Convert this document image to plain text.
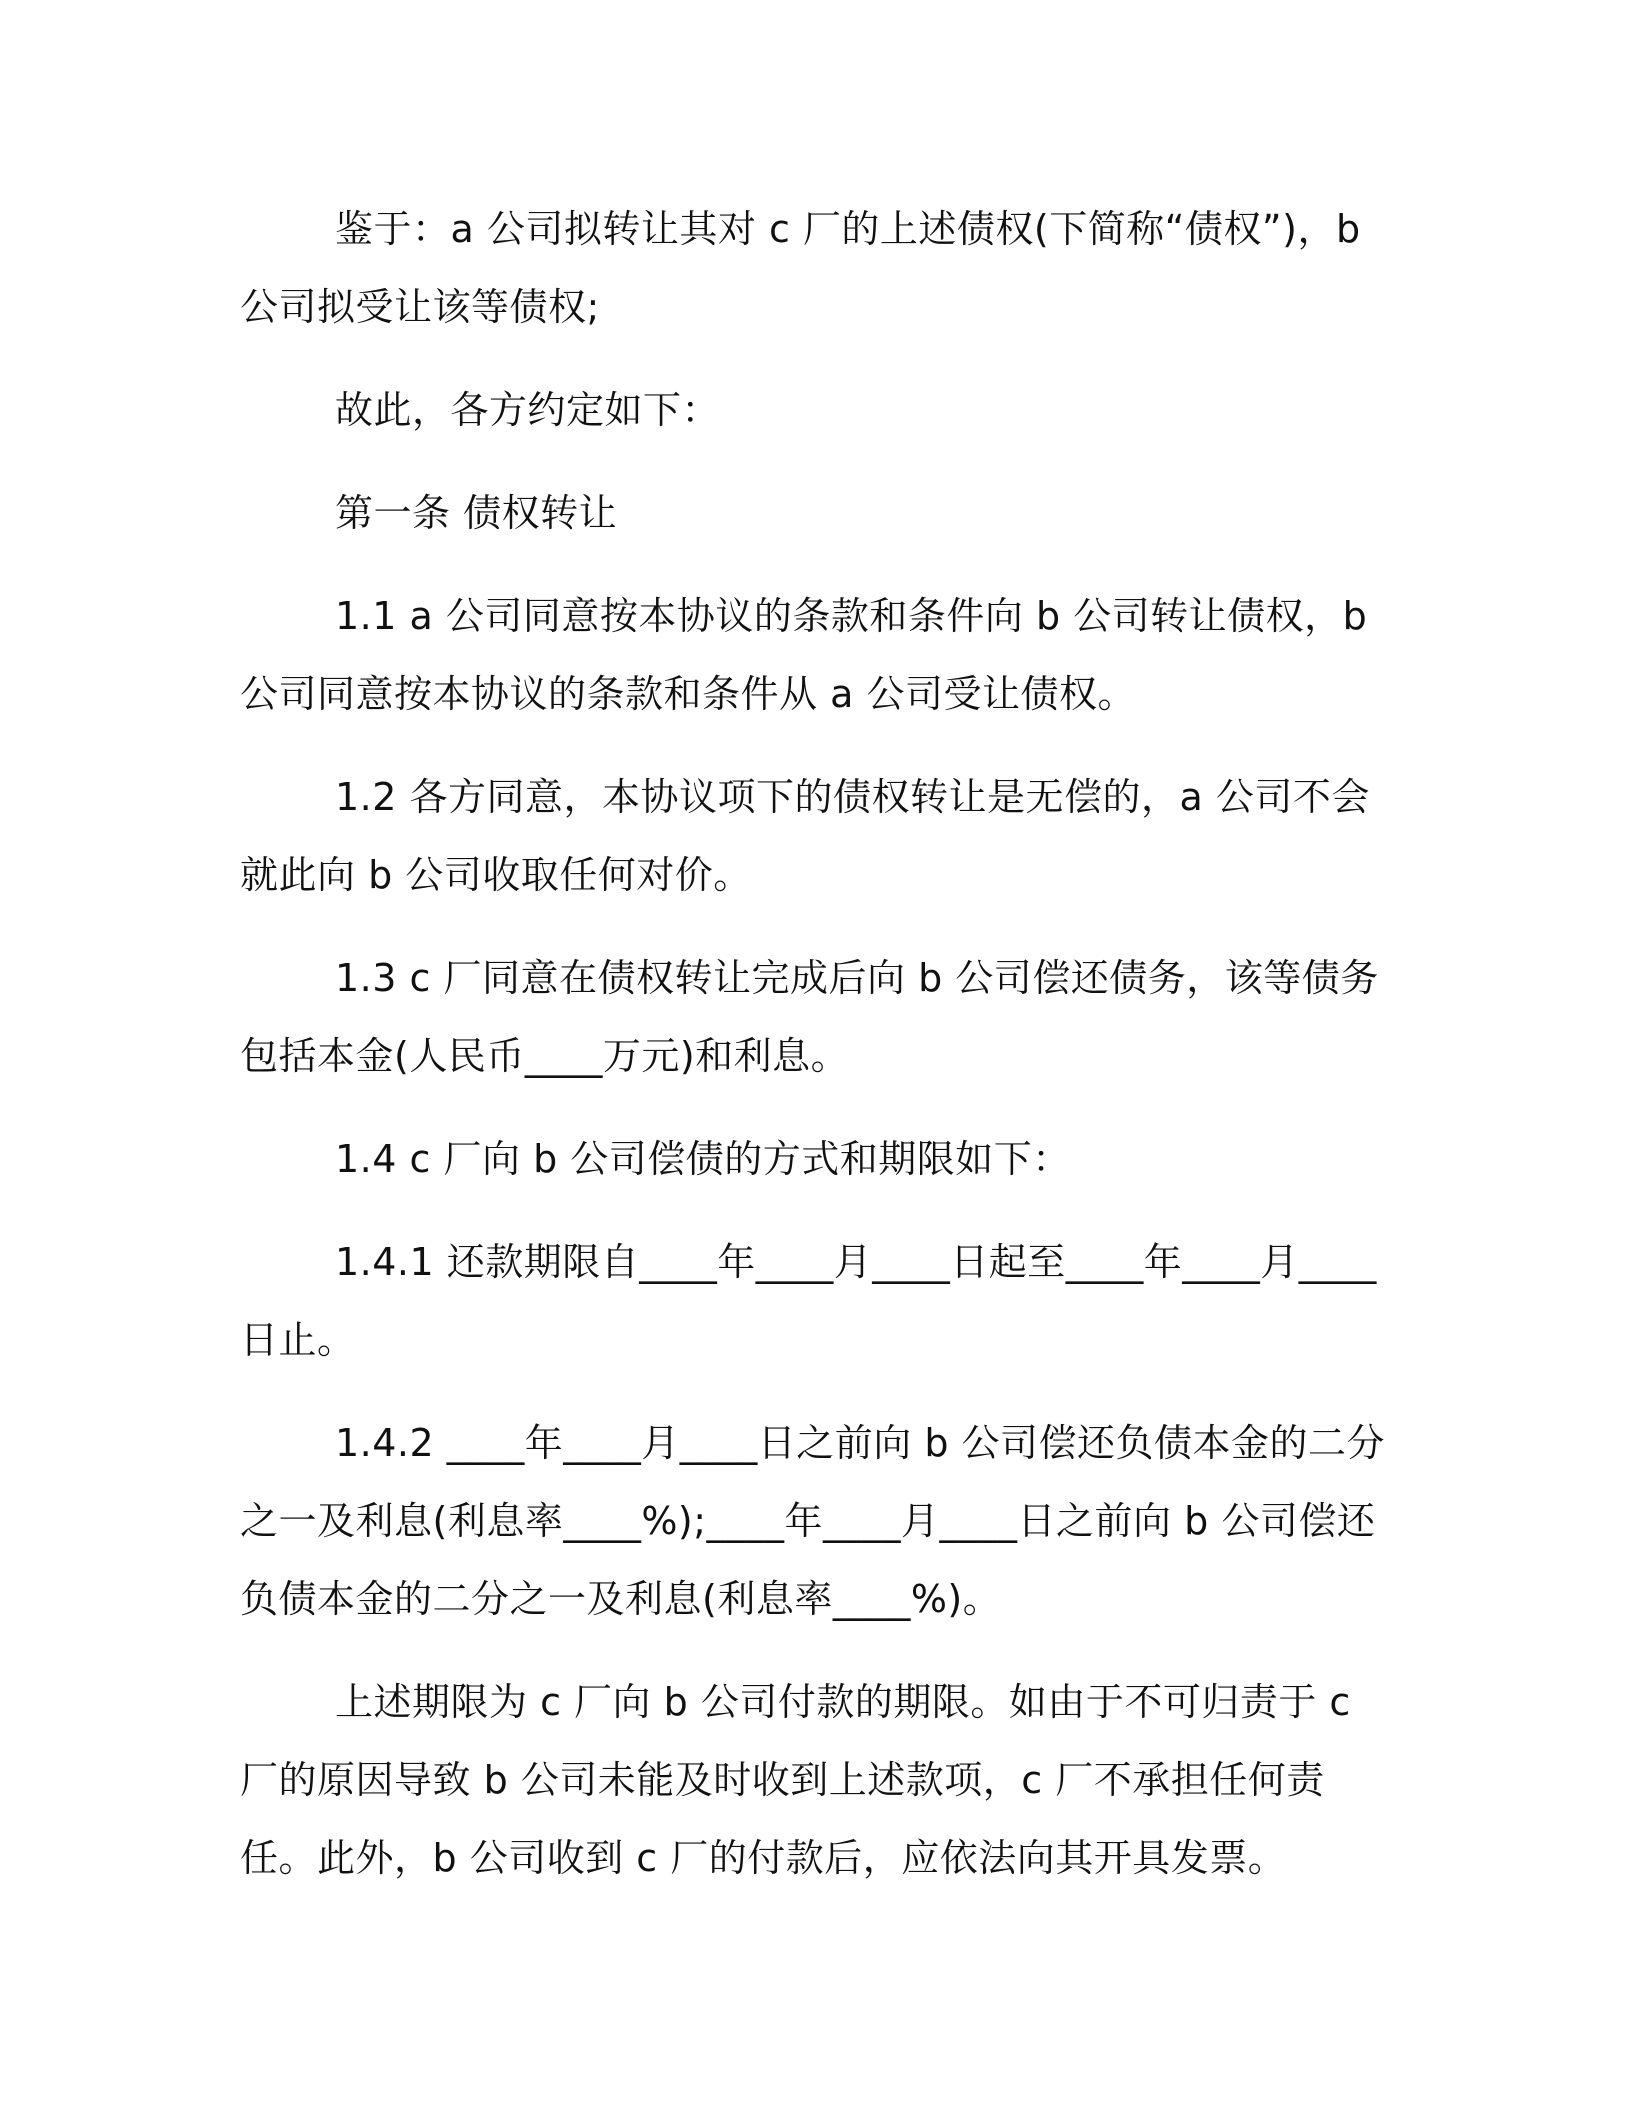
鉴于：a 公司拟转让其对 c 厂的上述债权(下简称“债权”)，b 公司拟受让该等债权;

故此，各方约定如下：

第一条 债权转让

1.1 a 公司同意按本协议的条款和条件向 b 公司转让债权，b 公司同意按本协议的条款和条件从 a 公司受让债权。

1.2 各方同意，本协议项下的债权转让是无偿的，a 公司不会就此向 b 公司收取任何对价。

1.3 c 厂同意在债权转让完成后向 b 公司偿还债务，该等债务包括本金(人民币____万元)和利息。

1.4 c 厂向 b 公司偿债的方式和期限如下：

1.4.1 还款期限自____年____月____日起至____年____月____日止。

1.4.2 ____年____月____日之前向 b 公司偿还负债本金的二分之一及利息(利息率____%);____年____月____日之前向 b 公司偿还负债本金的二分之一及利息(利息率____%)。

上述期限为 c 厂向 b 公司付款的期限。如由于不可归责于 c 厂的原因导致 b 公司未能及时收到上述款项，c 厂不承担任何责任。此外，b 公司收到 c 厂的付款后，应依法向其开具发票。
